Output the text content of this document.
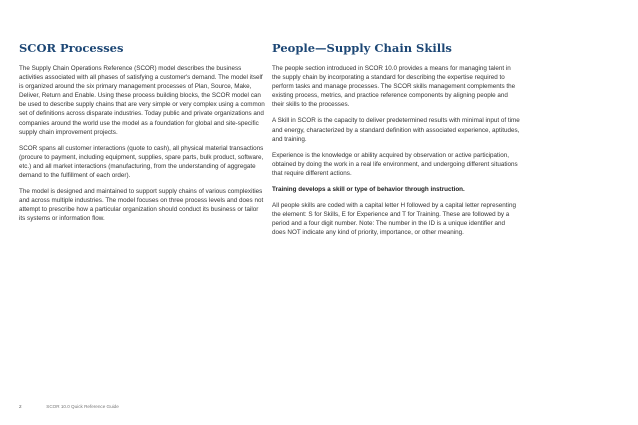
SCOR Processes

The Supply Chain Operations Reference (SCOR) model describes the business activities associated with all phases of satisfying a customer's demand. The model itself is organized around the six primary management processes of Plan, Source, Make, Deliver, Return and Enable. Using these process building blocks, the SCOR model can be used to describe supply chains that are very simple or very complex using a common set of definitions across disparate industries. Today public and private organizations and companies around the world use the model as a foundation for global and site-specific supply chain improvement projects.

SCOR spans all customer interactions (quote to cash), all physical material transactions (procure to payment, including equipment, supplies, spare parts, bulk product, software, etc.) and all market interactions (manufacturing, from the understanding of aggregate demand to the fulfillment of each order).

The model is designed and maintained to support supply chains of various complexities and across multiple industries. The model focuses on three process levels and does not attempt to prescribe how a particular organization should conduct its business or tailor its systems or information flow.

People—Supply Chain Skills

The people section introduced in SCOR 10.0 provides a means for managing talent in the supply chain by incorporating a standard for describing the expertise required to perform tasks and manage processes. The SCOR skills management complements the existing process, metrics, and practice reference components by aligning people and their skills to the processes.

A Skill in SCOR is the capacity to deliver predetermined results with minimal input of time and energy, characterized by a standard definition with associated experience, aptitudes, and training.

Experience is the knowledge or ability acquired by observation or active participation, obtained by doing the work in a real life environment, and undergoing different situations that require different actions.

Training develops a skill or type of behavior through instruction.

All people skills are coded with a capital letter H followed by a capital letter representing the element: S for Skills, E for Experience and T for Training. These are followed by a period and a four digit number. Note: The number in the ID is a unique identifier and does NOT indicate any kind of priority, importance, or other meaning.

2	SCOR 10.0 Quick Reference Guide
